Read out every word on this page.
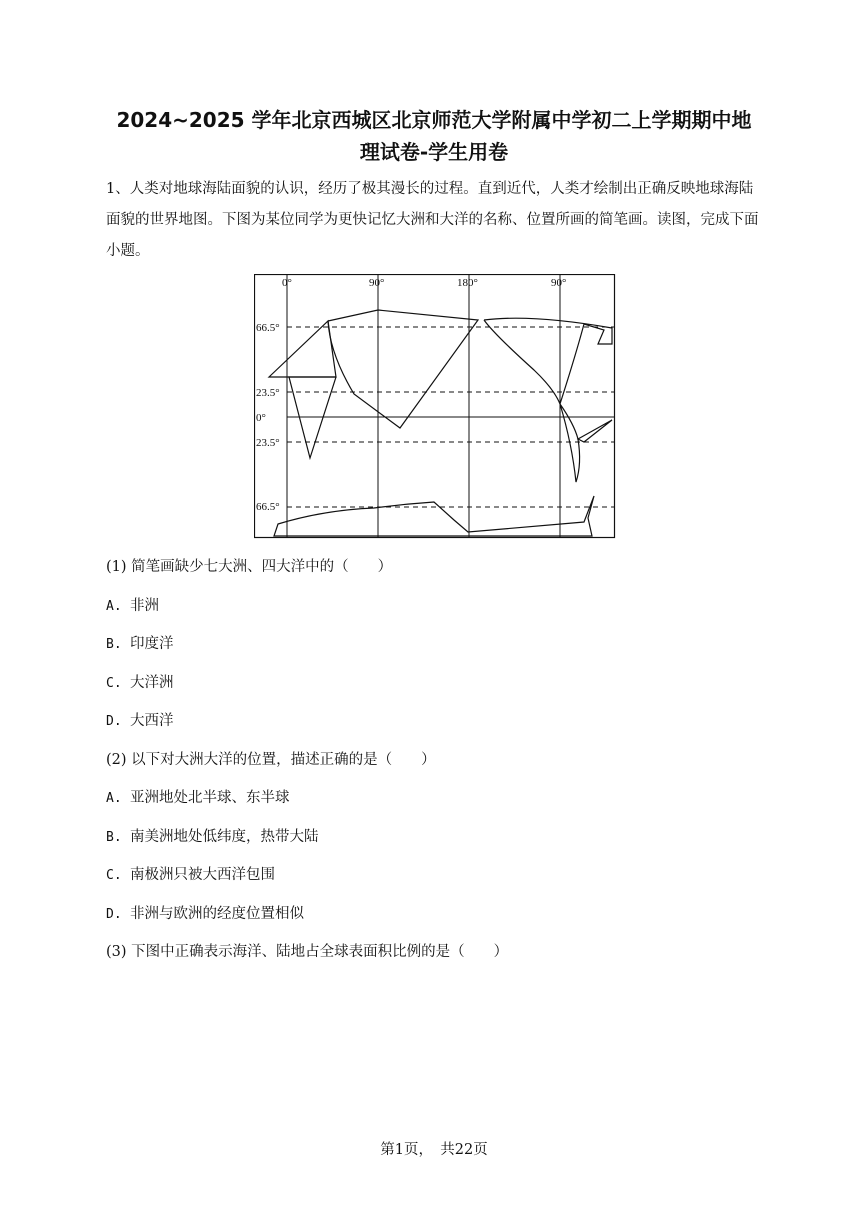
2024~2025 学年北京西城区北京师范大学附属中学初二上学期期中地
理试卷-学生用卷
1、人类对地球海陆面貌的认识，经历了极其漫长的过程。直到近代，人类才绘制出正确反映地球海陆面貌的世界地图。下图为某位同学为更快记忆大洲和大洋的名称、位置所画的简笔画。读图，完成下面小题。
0°	90°	180°	90°
66.5°
23.5°
0°
23.5°
66.5°
(1) 简笔画缺少七大洲、四大洋中的（　　）
A. 非洲
B. 印度洋
C. 大洋洲
D. 大西洋
(2) 以下对大洲大洋的位置，描述正确的是（　　）
A. 亚洲地处北半球、东半球
B. 南美洲地处低纬度，热带大陆
C. 南极洲只被大西洋包围
D. 非洲与欧洲的经度位置相似
(3) 下图中正确表示海洋、陆地占全球表面积比例的是（　　）
第1页，　共22页
